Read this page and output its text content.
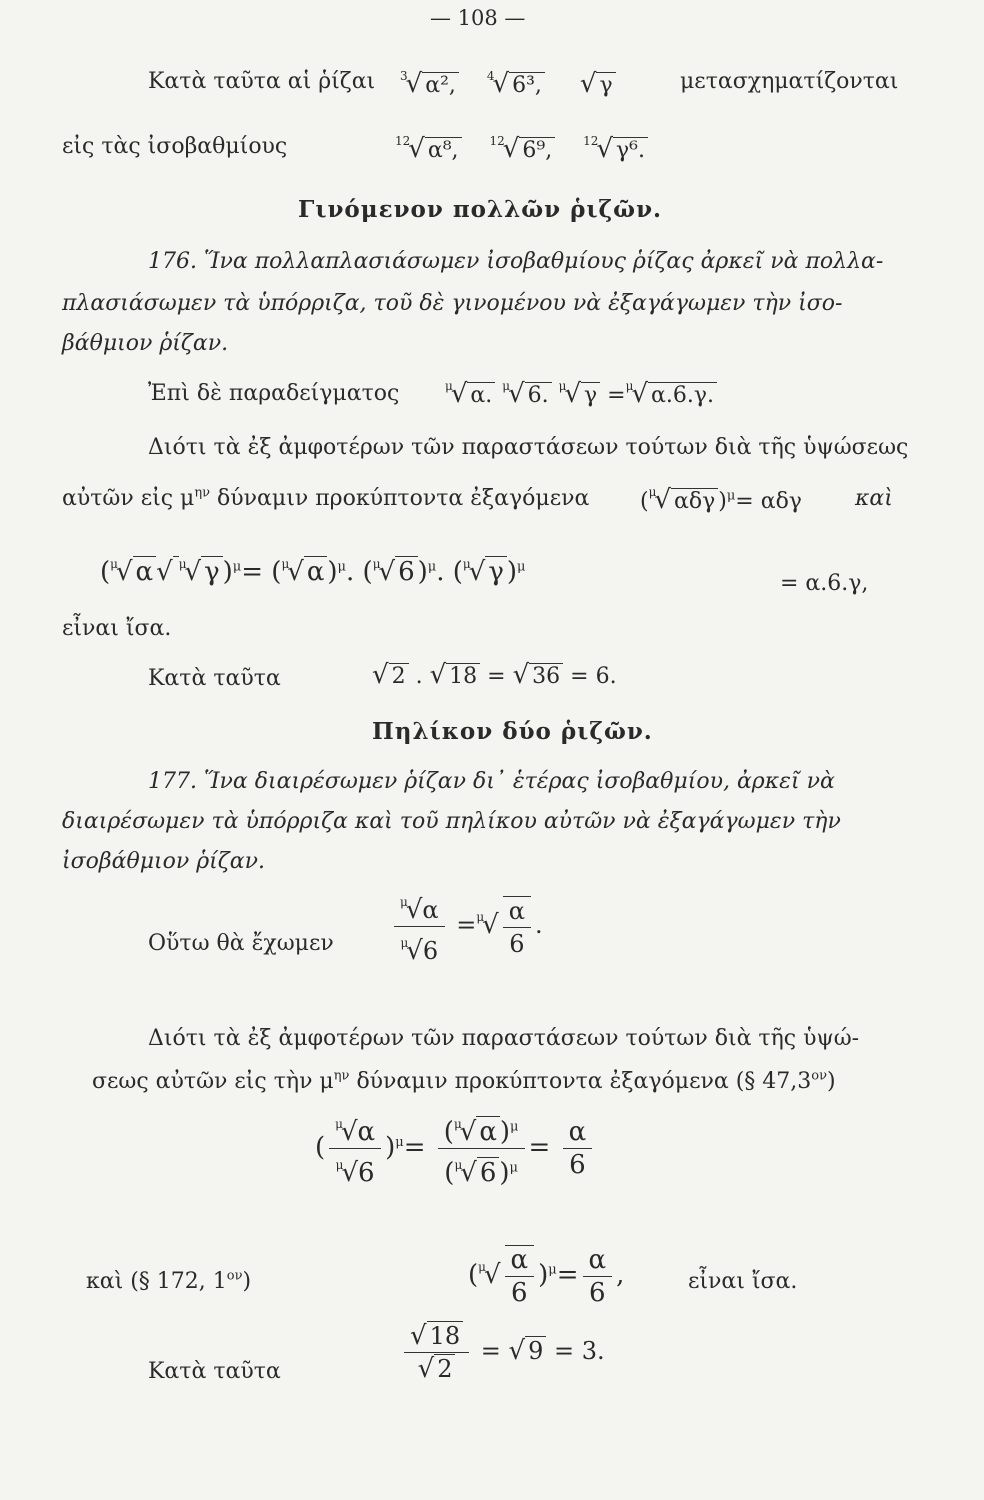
— 108 —
Κατὰ ταῦτα αἱ ῥίζαι $^3$√ α²,	$^4$√ 6³, √ γ	μετασχηματίζονται
εἰς τὰς ἰσοβαθμίους	$^{12}$√ α⁸,	$^{12}$√ 6⁹,	$^{12}$√ γ⁶.
Γινόμενον πολλῶν ῥιζῶν.
176. Ἵνα πολλαπλασιάσωμεν ἰσοβαθμίους ῥίζας ἀρκεῖ νὰ πολλα-
πλασιάσωμεν τὰ ὑπόρριζα, τοῦ δὲ γινομένου νὰ ἐξαγάγωμεν τὴν ἰσο-
βάθμιον ῥίζαν.
Ἐπὶ δὲ παραδείγματος	$^\mu$√ α. $^\mu$√ 6. $^\mu$√ γ =$^\mu$√ α.6.γ.
Διότι τὰ ἐξ ἀμφοτέρων τῶν παραστάσεων τούτων διὰ τῆς ὑψώσεως
αὐτῶν εἰς $\mu^{\eta\nu}$ δύναμιν προκύπτοντα ἐξαγόμενα ($^\mu$√ αδγ )$^\mu$= αδγ καὶ
($^\mu$√ α √ $^\mu$√ γ )$^\mu$= ($^\mu$√ α )$^\mu$. ($^\mu$√ 6 )$^\mu$. ($^\mu$√ γ )$^\mu$
= α.6.γ,
εἶναι ἴσα.
Κατὰ ταῦτα	√ 2 . √ 18 = √ 36 = 6.
Πηλίκον δύο ῥιζῶν.
177. Ἵνα διαιρέσωμεν ῥίζαν δι᾽ ἑτέρας ἰσοβαθμίου, ἀρκεῖ νὰ
διαιρέσωμεν τὰ ὑπόρριζα καὶ τοῦ πηλίκου αὐτῶν νὰ ἐξαγάγωμεν τὴν
ἰσοβάθμιον ῥίζαν.
Οὕτω θὰ ἔχωμεν	$\frac{^\mu√\alpha}{^\mu√6} =^\mu√ \frac{\alpha}{6}$ .
Διότι τὰ ἐξ ἀμφοτέρων τῶν παραστάσεων τούτων διὰ τῆς ὑψώ-
σεως αὐτῶν εἰς τὴν $\mu^{\eta\nu}$ δύναμιν προκύπτοντα ἐξαγόμενα (§ $47,3^{o\nu}$)
( $\frac{^\mu√\alpha}{^\mu√6} )^\mu= \frac{(^\mu√ \alpha )^\mu}{(^\mu√ 6 )^\mu} = \frac{\alpha}{6}$
καὶ (§ 172, $1^{o\nu}$)	$(^\mu√ \frac{\alpha}{6} )^\mu= \frac{\alpha}{6}$ ,	εἶναι ἴσα.
Κατὰ ταῦτα	$\frac{√ 18}{√ 2}$ = √ 9 = 3.
